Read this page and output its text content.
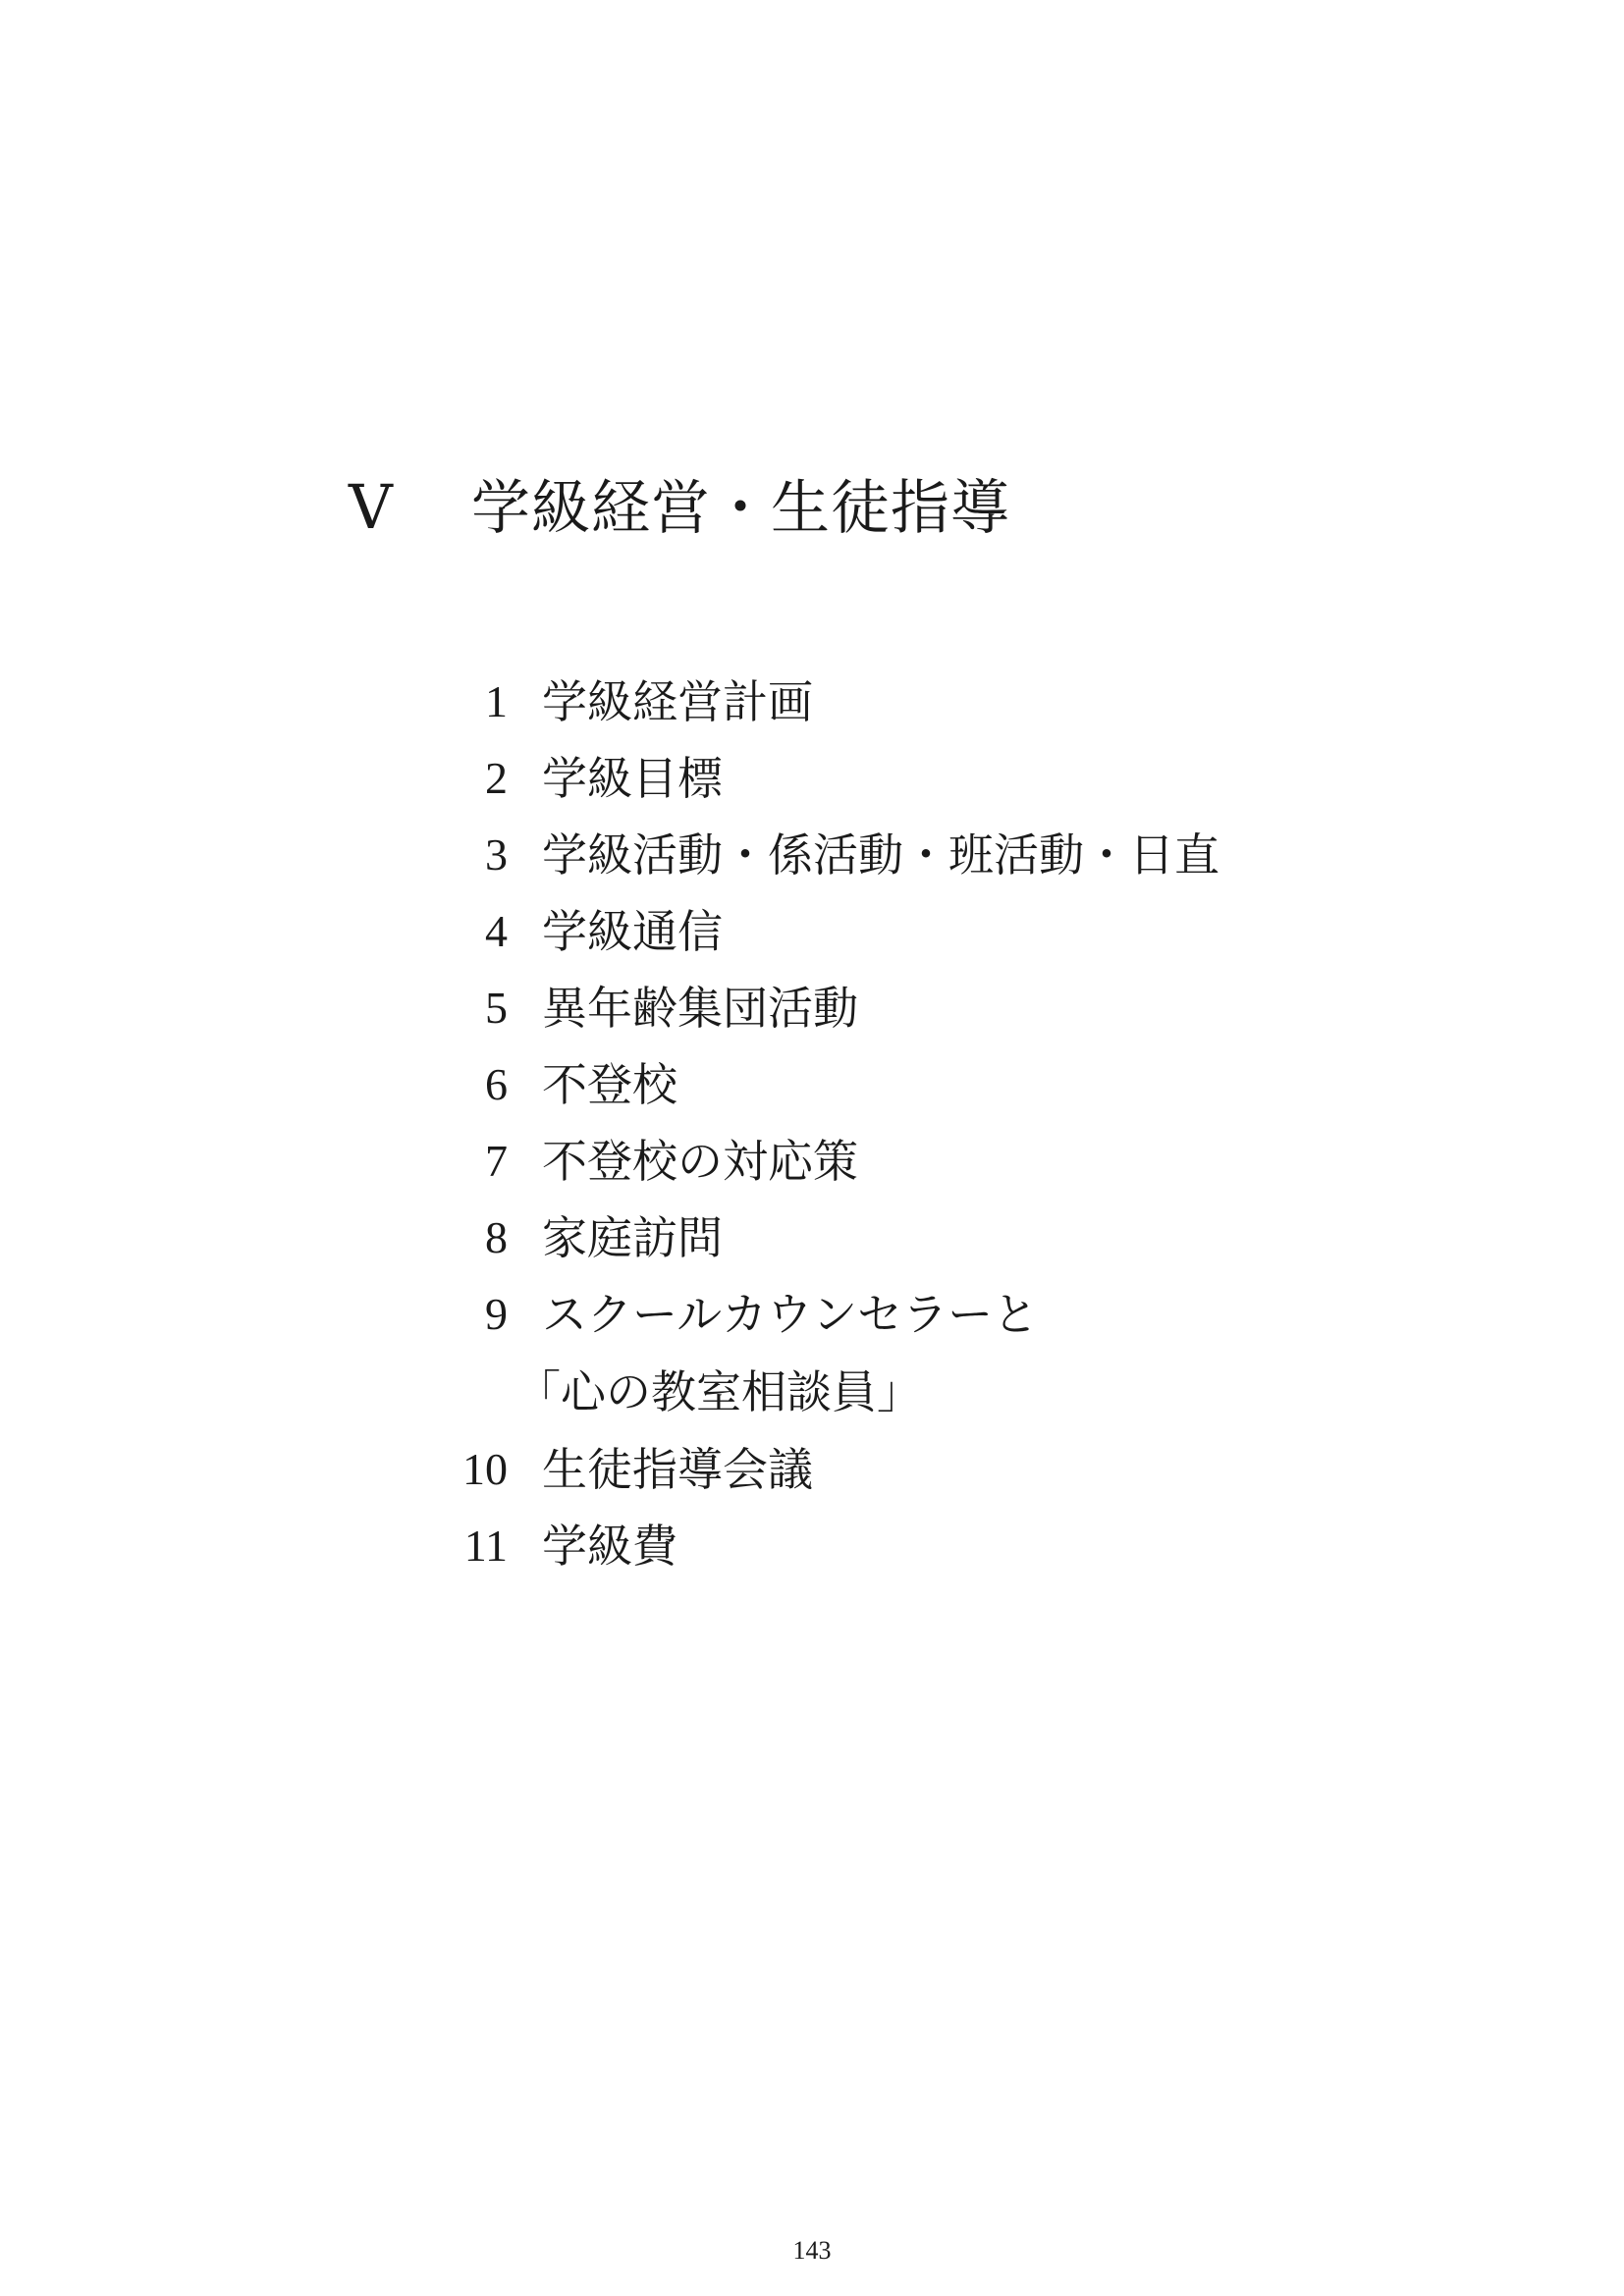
Ⅴ	学級経営・生徒指導
1 学級経営計画
2 学級目標
3 学級活動・係活動・班活動・日直
4 学級通信
5 異年齢集団活動
6 不登校
7 不登校の対応策
8 家庭訪問
9 スクールカウンセラーと
「心の教室相談員」
10 生徒指導会議
11 学級費
143
